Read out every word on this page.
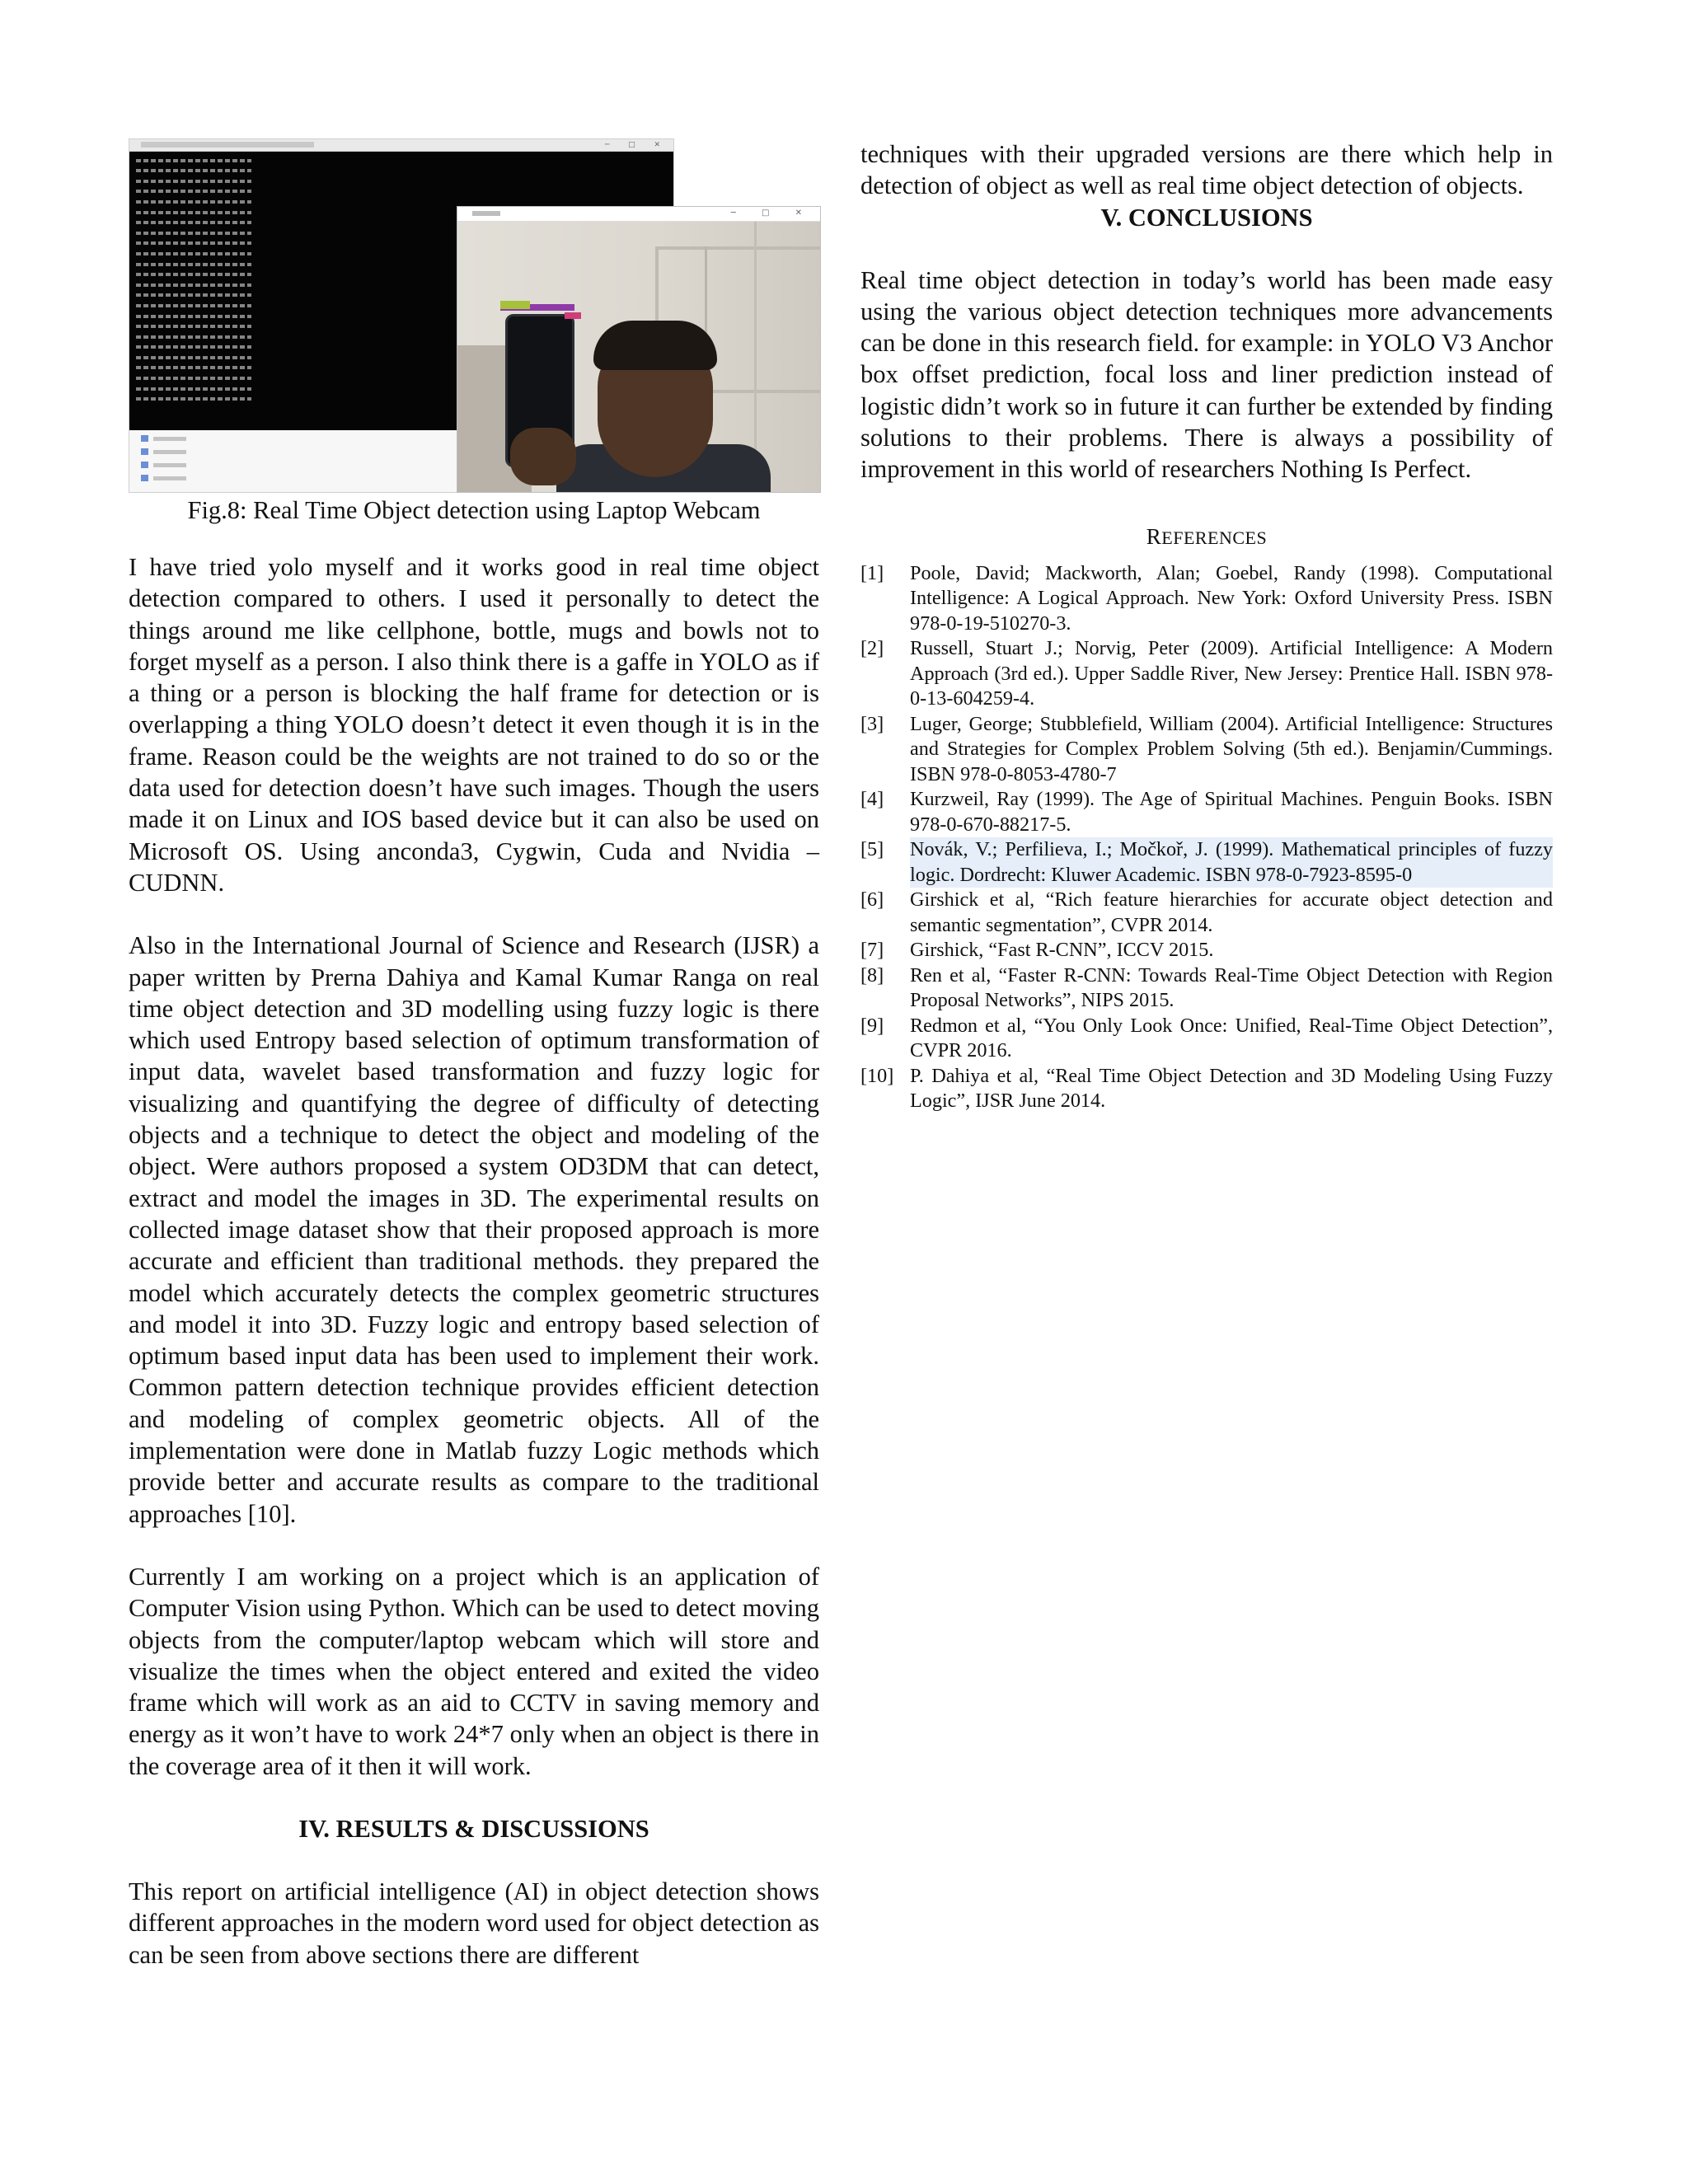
─ □ ✕
─ □ ✕
Fig.8: Real Time Object detection using Laptop Webcam

I have tried yolo myself and it works good in real time object detection compared to others. I used it personally to detect the things around me like cellphone, bottle, mugs and bowls not to forget myself as a person. I also think there is a gaffe in YOLO as if a thing or a person is blocking the half frame for detection or is overlapping a thing YOLO doesn’t detect it even though it is in the frame. Reason could be the weights are not trained to do so or the data used for detection doesn’t have such images. Though the users made it on Linux and IOS based device but it can also be used on Microsoft OS. Using anconda3, Cygwin, Cuda and Nvidia – CUDNN.

Also in the International Journal of Science and Research (IJSR) a paper written by Prerna Dahiya and Kamal Kumar Ranga on real time object detection and 3D modelling using fuzzy logic is there which used Entropy based selection of optimum transformation of input data, wavelet based transformation and fuzzy logic for visualizing and quantifying the degree of difficulty of detecting objects and a technique to detect the object and modeling of the object. Were authors proposed a system OD3DM that can detect, extract and model the images in 3D. The experimental results on collected image dataset show that their proposed approach is more accurate and efficient than traditional methods. they prepared the model which accurately detects the complex geometric structures and model it into 3D. Fuzzy logic and entropy based selection of optimum based input data has been used to implement their work. Common pattern detection technique provides efficient detection and modeling of complex geometric objects. All of the implementation were done in Matlab fuzzy Logic methods which provide better and accurate results as compare to the traditional approaches [10].

Currently I am working on a project which is an application of Computer Vision using Python. Which can be used to detect moving objects from the computer/laptop webcam which will store and visualize the times when the object entered and exited the video frame which will work as an aid to CCTV in saving memory and energy as it won’t have to work 24*7 only when an object is there in the coverage area of it then it will work.

IV. RESULTS & DISCUSSIONS

This report on artificial intelligence (AI) in object detection shows different approaches in the modern word used for object detection as can be seen from above sections there are different

techniques with their upgraded versions are there which help in detection of object as well as real time object detection of objects.

V. CONCLUSIONS

Real time object detection in today’s world has been made easy using the various object detection techniques more advancements can be done in this research field. for example: in YOLO V3 Anchor box offset prediction, focal loss and liner prediction instead of logistic didn’t work so in future it can further be extended by finding solutions to their problems. There is always a possibility of improvement in this world of researchers Nothing Is Perfect.

REFERENCES
[1]	Poole, David; Mackworth, Alan; Goebel, Randy (1998). Computational Intelligence: A Logical Approach. New York: Oxford University Press. ISBN 978-0-19-510270-3.
[2]	Russell, Stuart J.; Norvig, Peter (2009). Artificial Intelligence: A Modern Approach (3rd ed.). Upper Saddle River, New Jersey: Prentice Hall. ISBN 978-0-13-604259-4.
[3]	Luger, George; Stubblefield, William (2004). Artificial Intelligence: Structures and Strategies for Complex Problem Solving (5th ed.). Benjamin/Cummings. ISBN 978-0-8053-4780-7
[4]	Kurzweil, Ray (1999). The Age of Spiritual Machines. Penguin Books. ISBN 978-0-670-88217-5.
[5]	Novák, V.; Perfilieva, I.; Močkoř, J. (1999). Mathematical principles of fuzzy logic. Dordrecht: Kluwer Academic. ISBN 978-0-7923-8595-0
[6]	Girshick et al, “Rich feature hierarchies for accurate object detection and semantic segmentation”, CVPR 2014.
[7]	Girshick, “Fast R-CNN”, ICCV 2015.
[8]	Ren et al, “Faster R-CNN: Towards Real-Time Object Detection with Region Proposal Networks”, NIPS 2015.
[9]	Redmon et al, “You Only Look Once: Unified, Real-Time Object Detection”, CVPR 2016.
[10] P. Dahiya et al, “Real Time Object Detection and 3D Modeling Using Fuzzy Logic”, IJSR June 2014.
